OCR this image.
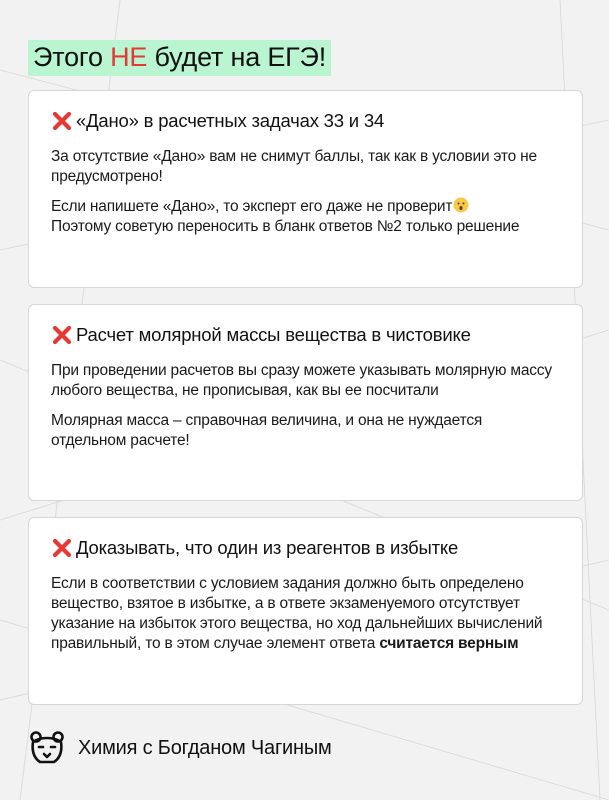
Этого НЕ будет на ЕГЭ!
«Дано» в расчетных задачах 33 и 34

За отсутствие «Дано» вам не снимут баллы, так как в условии это не предусмотрено!

Если напишете «Дано», то эксперт его даже не проверит

Поэтому советую переносить в бланк ответов №2 только решение

Расчет молярной массы вещества в чистовике

При проведении расчетов вы сразу можете указывать молярную массу любого вещества, не прописывая, как вы ее посчитали

Молярная масса – справочная величина, и она не нуждается отдельном расчете!

Доказывать, что один из реагентов в избытке

Если в соответствии с условием задания должно быть определено вещество, взятое в избытке, а в ответе экзаменуемого отсутствует указание на избыток этого вещества, но ход дальнейших вычислений правильный, то в этом случае элемент ответа считается верным

Химия с Богданом Чагиным
